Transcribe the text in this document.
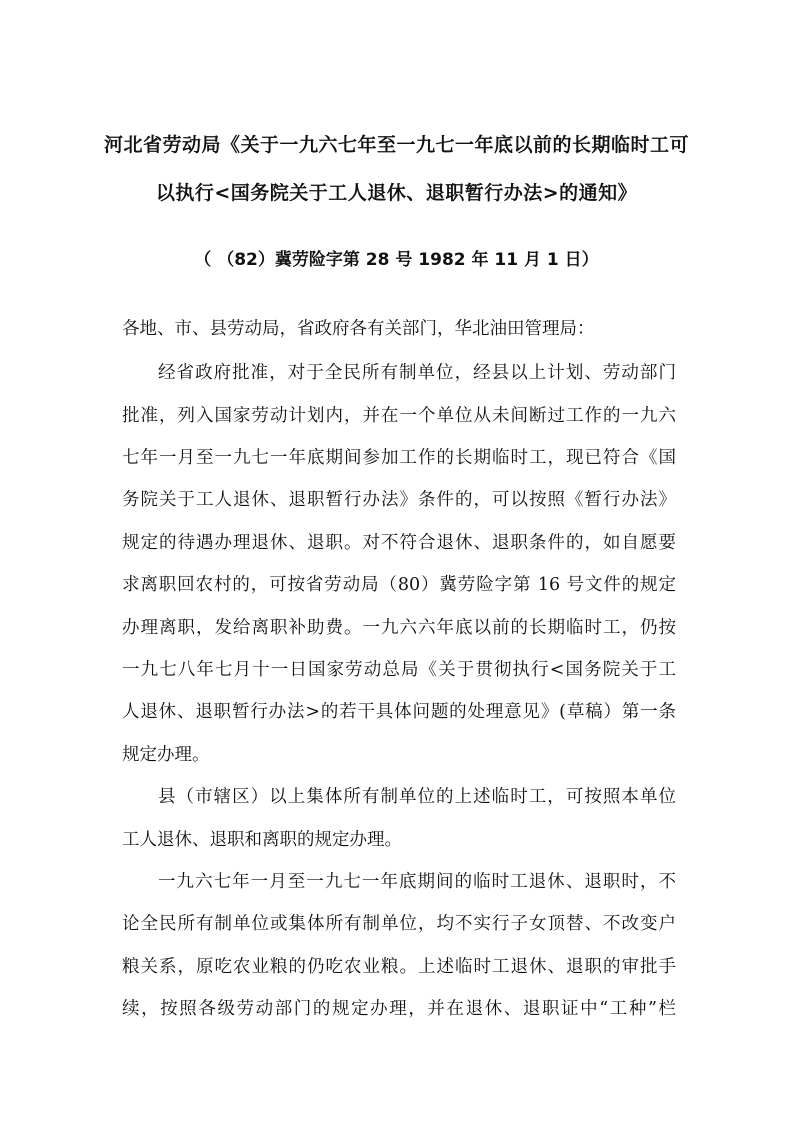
河北省劳动局《关于一九六七年至一九七一年底以前的长期临时工可
以执行<国务院关于工人退休、退职暂行办法>的通知》
（ （82）冀劳险字第 28 号 1982 年 11 月 1 日）
各地、市、县劳动局，省政府各有关部门，华北油田管理局：
经省政府批准，对于全民所有制单位，经县以上计划、劳动部门
批准，列入国家劳动计划内，并在一个单位从未间断过工作的一九六
七年一月至一九七一年底期间参加工作的长期临时工，现已符合《国
务院关于工人退休、退职暂行办法》条件的，可以按照《暂行办法》
规定的待遇办理退休、退职。对不符合退休、退职条件的，如自愿要
求离职回农村的，可按省劳动局（80）冀劳险字第 16 号文件的规定
办理离职，发给离职补助费。一九六六年底以前的长期临时工，仍按
一九七八年七月十一日国家劳动总局《关于贯彻执行<国务院关于工
人退休、退职暂行办法>的若干具体问题的处理意见》(草稿）第一条
规定办理。
县（市辖区）以上集体所有制单位的上述临时工，可按照本单位
工人退休、退职和离职的规定办理。
一九六七年一月至一九七一年底期间的临时工退休、退职时，不
论全民所有制单位或集体所有制单位，均不实行子女顶替、不改变户
粮关系，原吃农业粮的仍吃农业粮。上述临时工退休、退职的审批手
续，按照各级劳动部门的规定办理，并在退休、退职证中“工种”栏
